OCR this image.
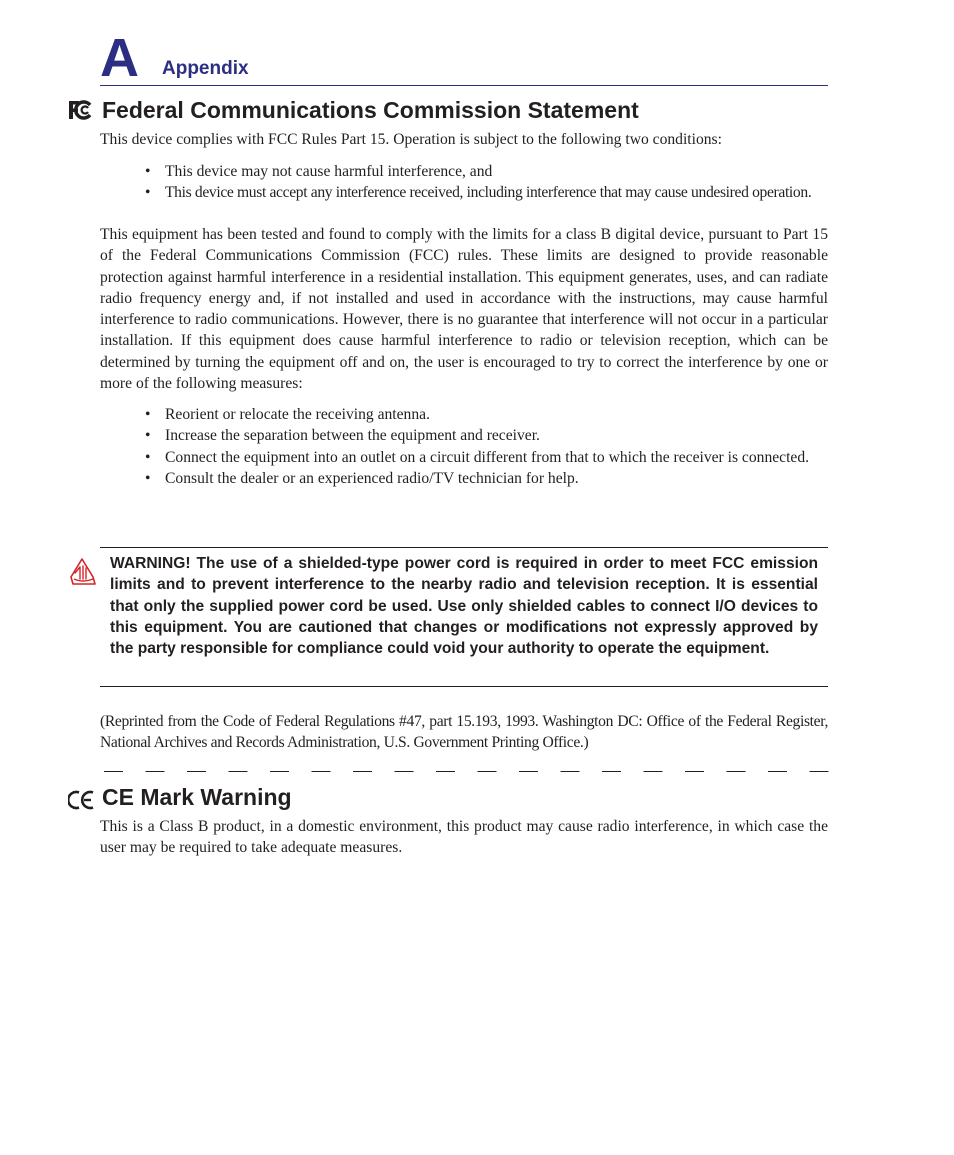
A Appendix
Federal Communications Commission Statement

This device complies with FCC Rules Part 15. Operation is subject to the following two conditions:

• This device may not cause harmful interference, and
• This device must accept any interference received, including interference that may cause undesired operation.

This equipment has been tested and found to comply with the limits for a class B digital device, pursuant to Part 15 of the Federal Communications Commission (FCC) rules. These limits are designed to provide reasonable protection against harmful interference in a residential installation. This equipment generates, uses, and can radiate radio frequency energy and, if not installed and used in accordance with the instructions, may cause harmful interference to radio communications. However, there is no guarantee that interference will not occur in a particular installation. If this equipment does cause harmful interference to radio or television reception, which can be determined by turning the equipment off and on, the user is encouraged to try to correct the interference by one or more of the following measures:

• Reorient or relocate the receiving antenna.
• Increase the separation between the equipment and receiver.
• Connect the equipment into an outlet on a circuit different from that to which the receiver is connected.
• Consult the dealer or an experienced radio/TV technician for help.

WARNING! The use of a shielded-type power cord is required in order to meet FCC emission limits and to prevent interference to the nearby radio and television reception. It is essential that only the supplied power cord be used. Use only shielded cables to connect I/O devices to this equipment. You are cautioned that changes or modifications not expressly approved by the party responsible for compliance could void your authority to operate the equipment.

(Reprinted from the Code of Federal Regulations #47, part 15.193, 1993. Washington DC: Office of the Federal Register, National Archives and Records Administration, U.S. Government Printing Office.)

CE Mark Warning

This is a Class B product, in a domestic environment, this product may cause radio interference, in which case the user may be required to take adequate measures.
